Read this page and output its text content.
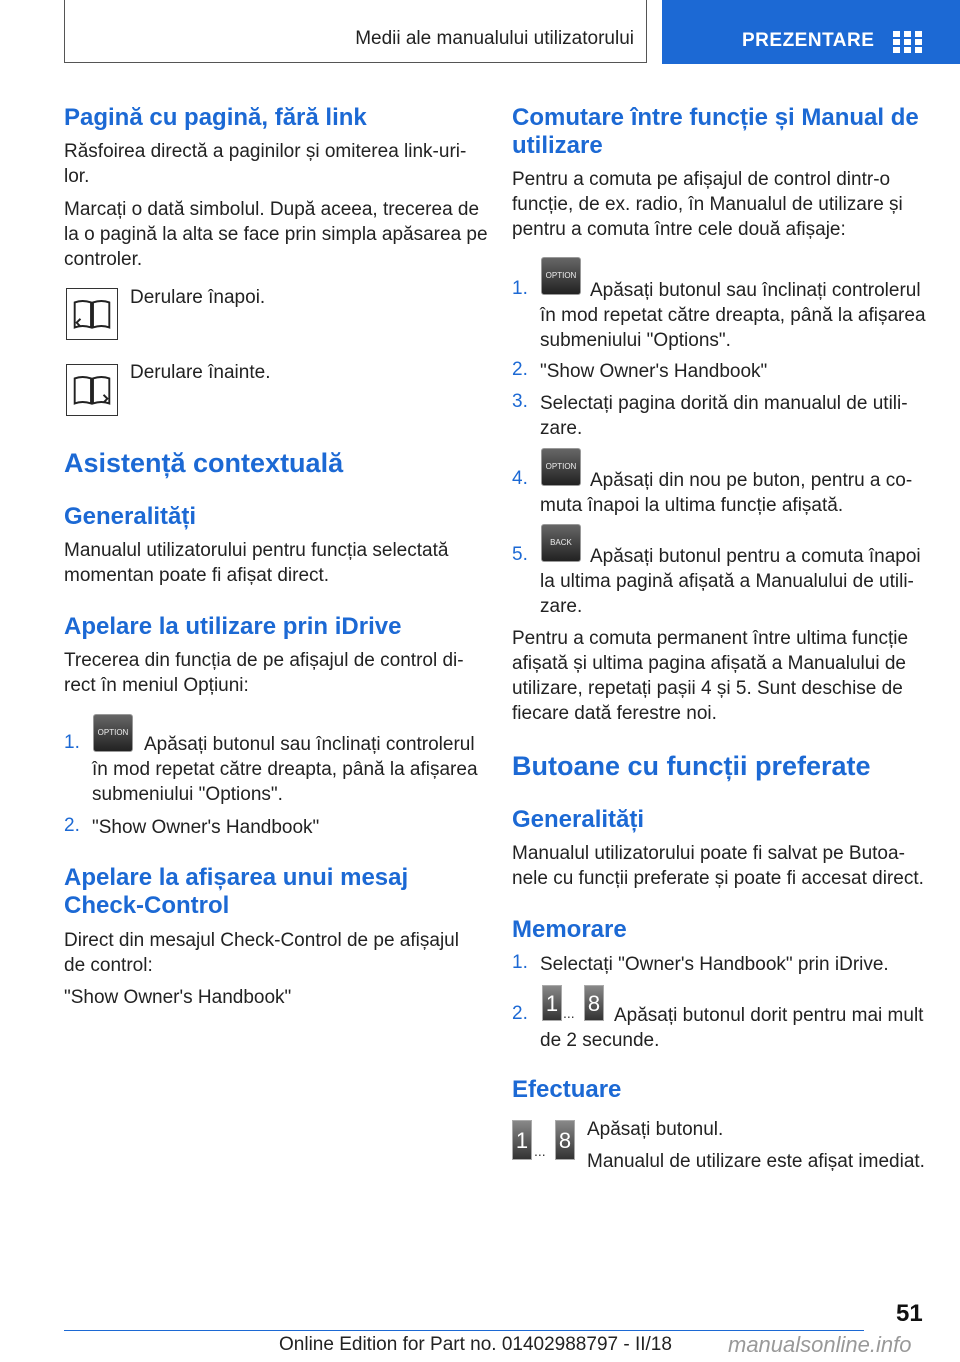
Medii ale manualului utilizatorului	PREZENTARE
Pagină cu pagină, fără link

Răsfoirea directă a paginilor și omiterea link‐uri‐

lor.

Marcați o dată simbolul. După aceea, trecerea de

la o pagină la alta se face prin simpla apăsarea pe

controler.

Derulare înapoi.

Derulare înainte.

Asistență contextuală
Generalități

Manualul utilizatorului pentru funcția selectată

momentan poate fi afișat direct.

Apelare la utilizare prin iDrive

Trecerea din funcția de pe afișajul de control di‐

rect în meniul Opțiuni:

1.	OPTION

Apăsați butonul sau înclinați controlerul

în mod repetat către dreapta, până la afișarea

submeniului "Options".

2. "Show Owner's Handbook"

Apelare la afișarea unui mesaj
Check-Control

Direct din mesajul Check-Control de pe afișajul

de control:

"Show Owner's Handbook"

Comutare între funcție și Manual de
utilizare

Pentru a comuta pe afișajul de control dintr‐o

funcție, de ex. radio, în Manualul de utilizare și

pentru a comuta între cele două afișaje:

1.
OPTION

Apăsați butonul sau înclinați controlerul

în mod repetat către dreapta, până la afișarea

submeniului "Options".

2. "Show Owner's Handbook"

3. Selectați pagina dorită din manualul de utili‐

zare.

4.
OPTION

Apăsați din nou pe buton, pentru a co‐

muta înapoi la ultima funcție afișată.

5.
BACK

Apăsați butonul pentru a comuta înapoi

la ultima pagină afișată a Manualului de utili‐

zare.

Pentru a comuta permanent între ultima funcție

afișată și ultima pagina afișată a Manualului de

utilizare, repetați pașii 4 și 5. Sunt deschise de

fiecare dată ferestre noi.

Butoane cu funcții preferate
Generalități

Manualul utilizatorului poate fi salvat pe Butoa‐

nele cu funcții preferate și poate fi accesat direct.

Memorare
1. Selectați "Owner's Handbook" prin iDrive.

2. 1 ... 8 Apăsați butonul dorit pentru mai mult

de 2 secunde.

Efectuare
1 ... 8 Apăsați butonul.

Manualul de utilizare este afișat imediat.

51
Online Edition for Part no. 01402988797 - II/18	manualsonline.info
